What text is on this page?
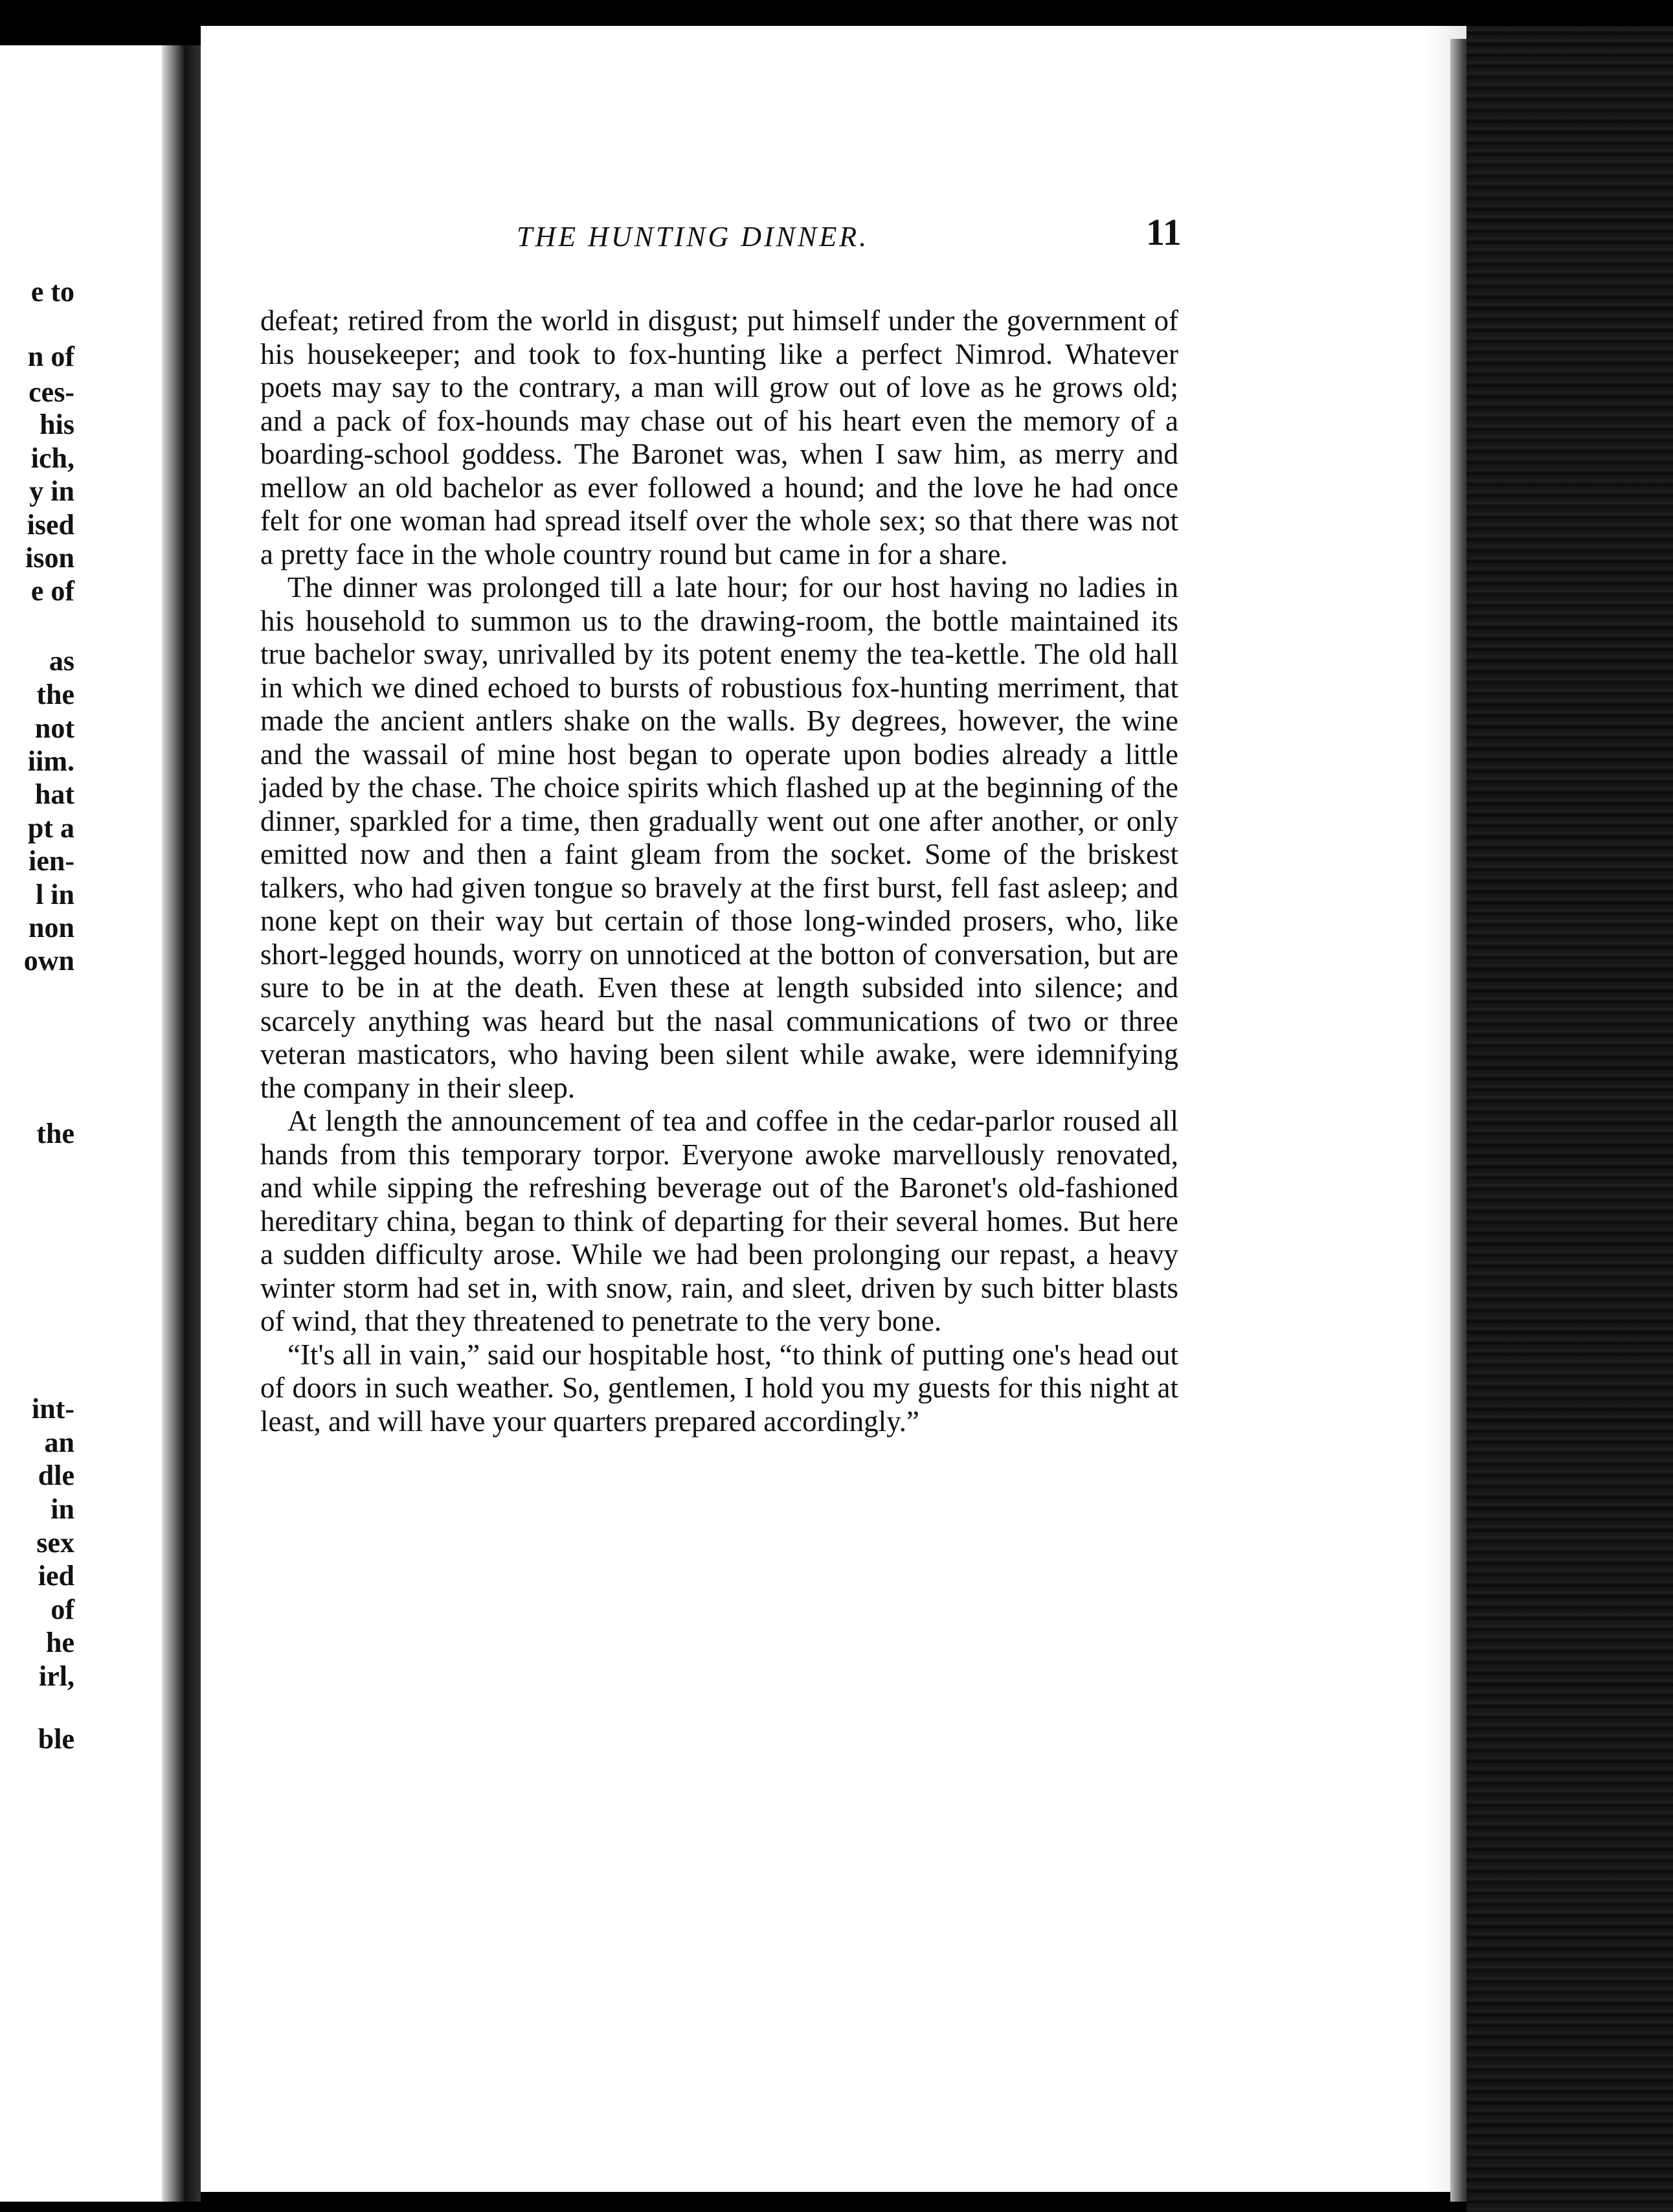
e to
n of
ces-
his
ich,
y in
ised
ison
e of
as
the
not
iim.
hat
pt a
ien-
l in
non
own
the
int-
an
dle
in
sex
ied
of
he
irl,
ble
THE HUNTING DINNER.	11

defeat; retired from the world in disgust; put himself under the government of his housekeeper; and took to fox-hunting like a perfect Nimrod. Whatever poets may say to the contrary, a man will grow out of love as he grows old; and a pack of fox-hounds may chase out of his heart even the memory of a boarding-school goddess. The Baronet was, when I saw him, as merry and mellow an old bachelor as ever followed a hound; and the love he had once felt for one woman had spread itself over the whole sex; so that there was not a pretty face in the whole country round but came in for a share.

The dinner was prolonged till a late hour; for our host having no ladies in his household to summon us to the drawing-room, the bottle maintained its true bachelor sway, unrivalled by its potent enemy the tea-kettle. The old hall in which we dined echoed to bursts of robustious fox-hunting merriment, that made the ancient antlers shake on the walls. By degrees, however, the wine and the wassail of mine host began to operate upon bodies already a little jaded by the chase. The choice spirits which flashed up at the beginning of the dinner, sparkled for a time, then gradually went out one after another, or only emitted now and then a faint gleam from the socket. Some of the briskest talkers, who had given tongue so bravely at the first burst, fell fast asleep; and none kept on their way but certain of those long-winded prosers, who, like short-legged hounds, worry on unnoticed at the botton of conversation, but are sure to be in at the death. Even these at length subsided into silence; and scarcely anything was heard but the nasal communications of two or three veteran masticators, who having been silent while awake, were idemnifying the company in their sleep.

At length the announcement of tea and coffee in the cedar-parlor roused all hands from this temporary torpor. Everyone awoke marvellously renovated, and while sipping the refreshing beverage out of the Baronet's old-fashioned hereditary china, began to think of departing for their several homes. But here a sudden difficulty arose. While we had been prolonging our repast, a heavy winter storm had set in, with snow, rain, and sleet, driven by such bitter blasts of wind, that they threatened to penetrate to the very bone.

“It's all in vain,” said our hospitable host, “to think of putting one's head out of doors in such weather. So, gentlemen, I hold you my guests for this night at least, and will have your quarters prepared accordingly.”
